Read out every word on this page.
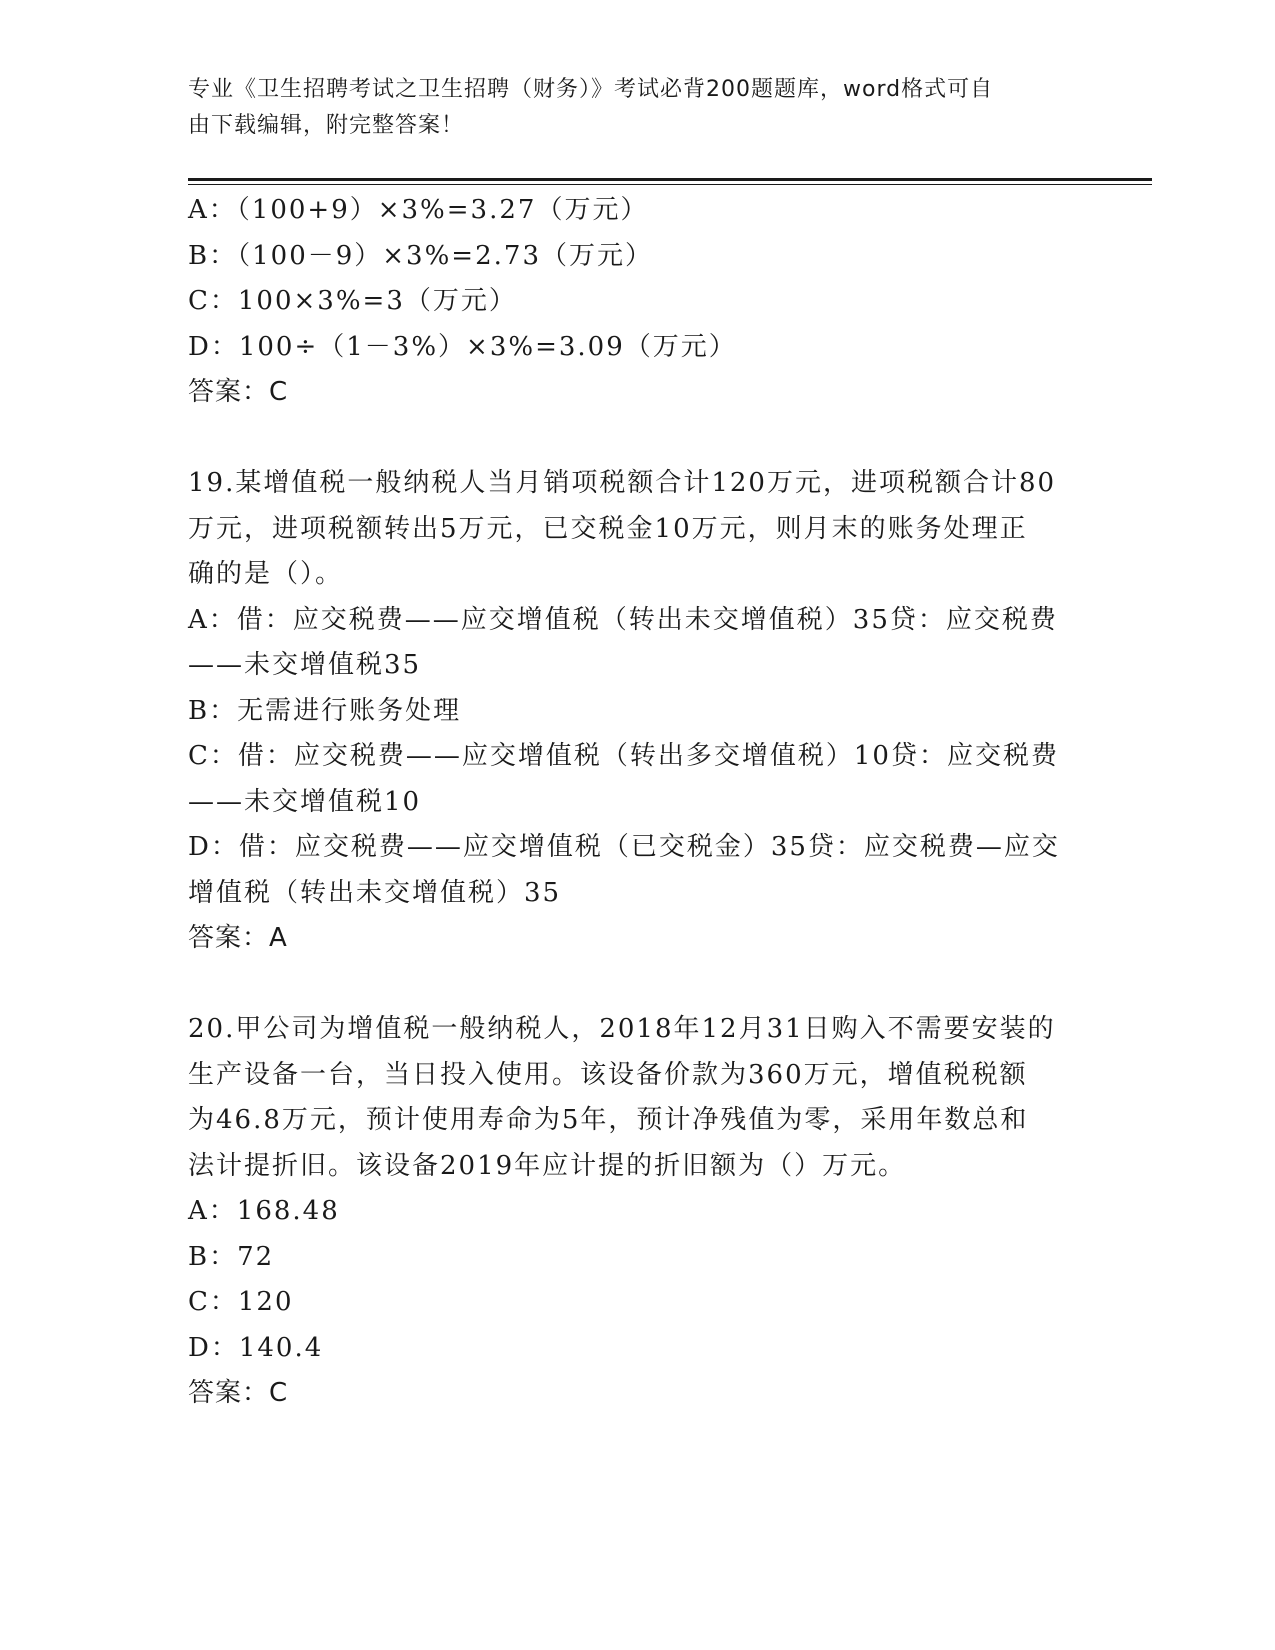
专业《卫生招聘考试之卫生招聘（财务）》考试必背200题题库，word格式可自
由下载编辑，附完整答案！
A：（100+9）×3%=3.27（万元）
B：（100－9）×3%=2.73（万元）
C：100×3%=3（万元）
D：100÷（1－3%）×3%=3.09（万元）
答案：C
19.某增值税一般纳税人当月销项税额合计120万元，进项税额合计80
万元，进项税额转出5万元，已交税金10万元，则月末的账务处理正
确的是（）。
A：借：应交税费——应交增值税（转出未交增值税）35贷：应交税费
——未交增值税35
B：无需进行账务处理
C：借：应交税费——应交增值税（转出多交增值税）10贷：应交税费
——未交增值税10
D：借：应交税费——应交增值税（已交税金）35贷：应交税费—应交
增值税（转出未交增值税）35
答案：A
20.甲公司为增值税一般纳税人，2018年12月31日购入不需要安装的
生产设备一台，当日投入使用。该设备价款为360万元，增值税税额
为46.8万元，预计使用寿命为5年，预计净残值为零，采用年数总和
法计提折旧。该设备2019年应计提的折旧额为（）万元。
A：168.48
B：72
C：120
D：140.4
答案：C
